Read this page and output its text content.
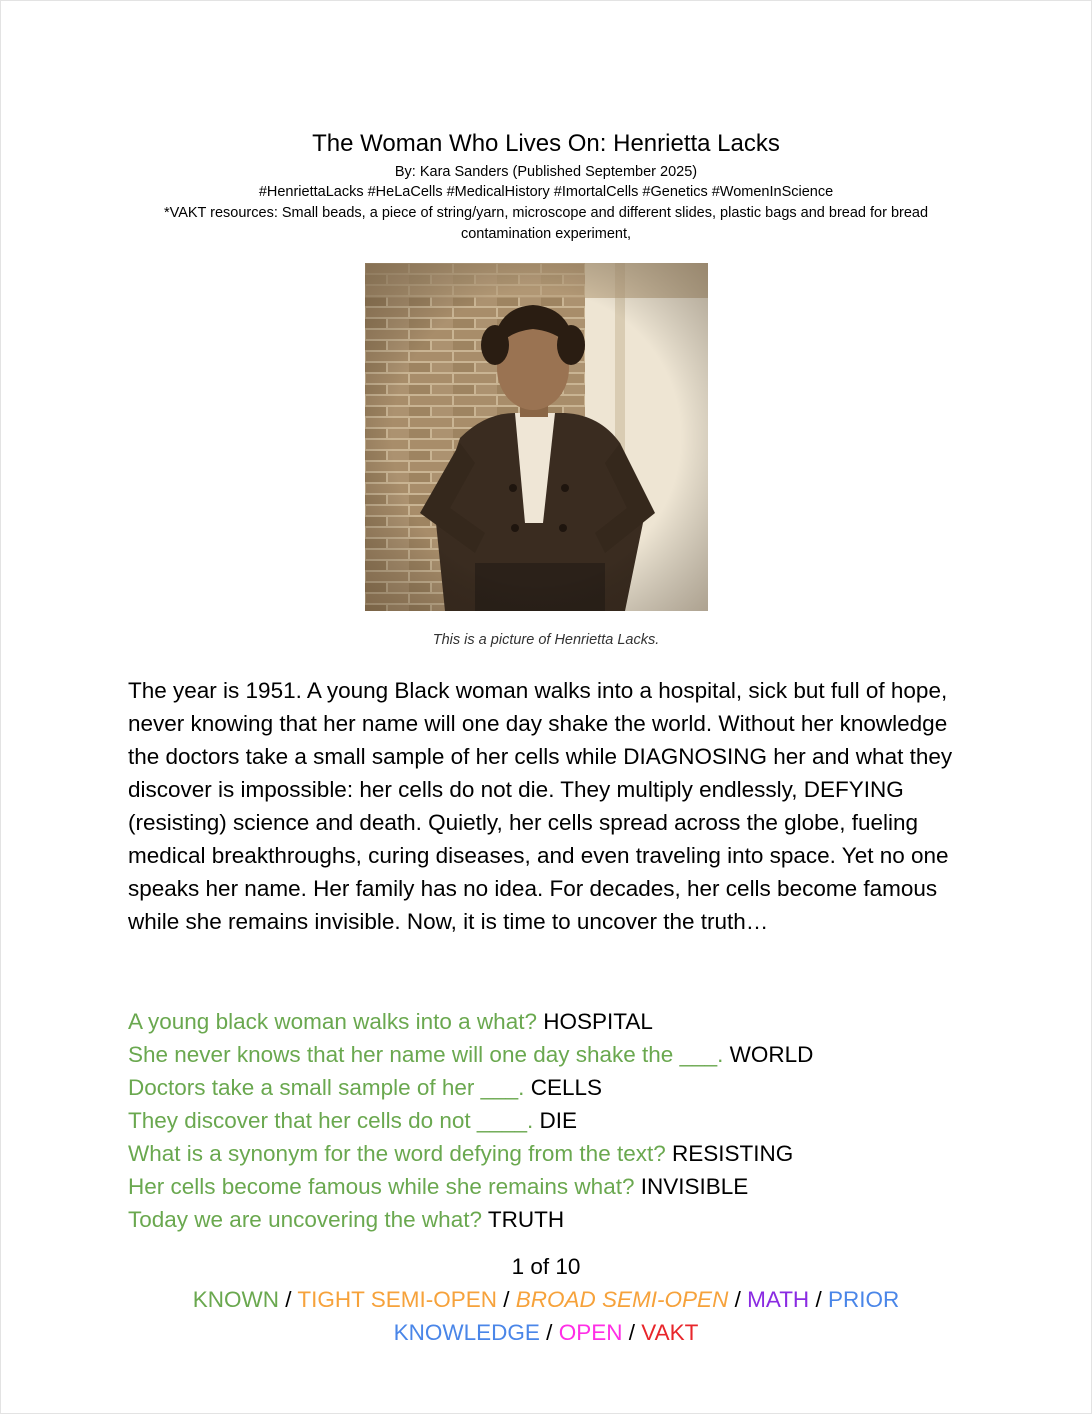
The Woman Who Lives On: Henrietta Lacks
By: Kara Sanders (Published September 2025)
#HenriettaLacks #HeLaCells #MedicalHistory #ImortalCells #Genetics #WomenInScience
*VAKT resources: Small beads, a piece of string/yarn, microscope and different slides, plastic bags and bread for bread contamination experiment,
This is a picture of Henrietta Lacks.

The year is 1951. A young Black woman walks into a hospital, sick but full of hope, never knowing that her name will one day shake the world. Without her knowledge the doctors take a small sample of her cells while DIAGNOSING her and what they discover is impossible: her cells do not die. They multiply endlessly, DEFYING (resisting) science and death. Quietly, her cells spread across the globe, fueling medical breakthroughs, curing diseases, and even traveling into space. Yet no one speaks her name. Her family has no idea. For decades, her cells become famous while she remains invisible. Now, it is time to uncover the truth…

A young black woman walks into a what? HOSPITAL
She never knows that her name will one day shake the ___. WORLD
Doctors take a small sample of her ___. CELLS
They discover that her cells do not ____. DIE
What is a synonym for the word defying from the text? RESISTING
Her cells become famous while she remains what? INVISIBLE
Today we are uncovering the what? TRUTH
1 of 10
KNOWN / TIGHT SEMI-OPEN / BROAD SEMI-OPEN / MATH / PRIOR KNOWLEDGE / OPEN / VAKT
